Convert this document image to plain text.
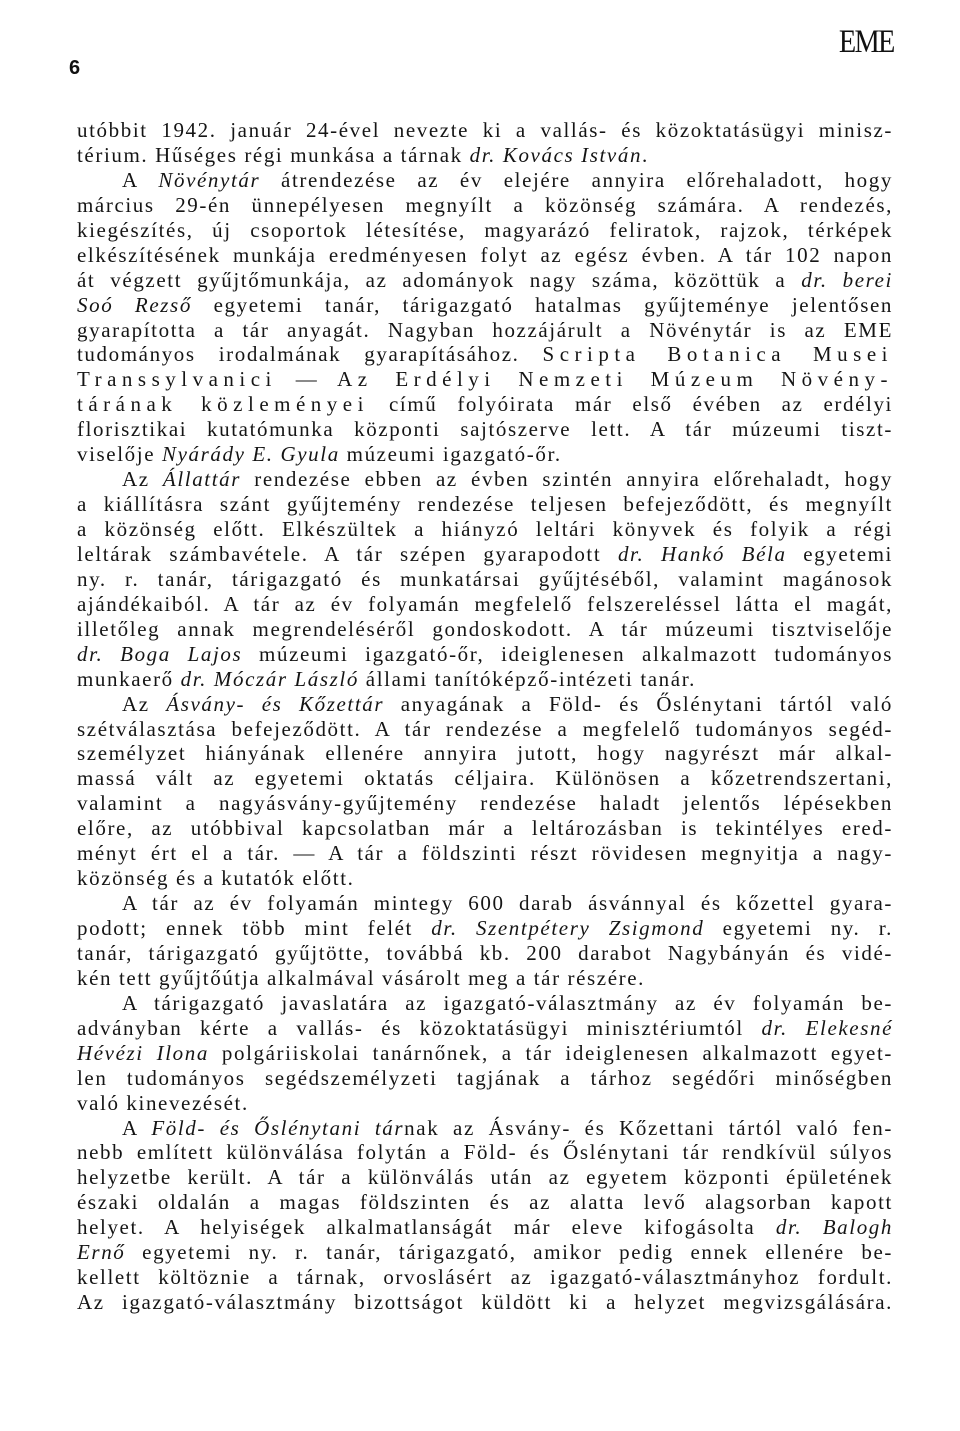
6
EME
utóbbit 1942. január 24-ével nevezte ki a vallás- és közoktatásügyi minisz-
térium. Hűséges régi munkása a tárnak dr. Kovács István.
A Növénytár átrendezése az év elejére annyira előrehaladott, hogy
március 29-én ünnepélyesen megnyílt a közönség számára. A rendezés,
kiegészítés, új csoportok létesítése, magyarázó feliratok, rajzok, térképek
elkészítésének munkája eredményesen folyt az egész évben. A tár 102 napon
át végzett gyűjtőmunkája, az adományok nagy száma, közöttük a dr. berei
Soó Rezső egyetemi tanár, tárigazgató hatalmas gyűjteménye jelentősen
gyarapította a tár anyagát. Nagyban hozzájárult a Növénytár is az EME
tudományos irodalmának gyarapításához. Scripta Botanica Musei
Transsylvanici — Az Erdélyi Nemzeti Múzeum Növény-
tárának közleményei című folyóirata már első évében az erdélyi
florisztikai kutatómunka központi sajtószerve lett. A tár múzeumi tiszt-
viselője Nyárády E. Gyula múzeumi igazgató-őr.
Az Állattár rendezése ebben az évben szintén annyira előrehaladt, hogy
a kiállításra szánt gyűjtemény rendezése teljesen befejeződött, és megnyílt
a közönség előtt. Elkészültek a hiányzó leltári könyvek és folyik a régi
leltárak számbavétele. A tár szépen gyarapodott dr. Hankó Béla egyetemi
ny. r. tanár, tárigazgató és munkatársai gyűjtéséből, valamint magánosok
ajándékaiból. A tár az év folyamán megfelelő felszereléssel látta el magát,
illetőleg annak megrendeléséről gondoskodott. A tár múzeumi tisztviselője
dr. Boga Lajos múzeumi igazgató-őr, ideiglenesen alkalmazott tudományos
munkaerő dr. Móczár László állami tanítóképző-intézeti tanár.
Az Ásvány- és Kőzettár anyagának a Föld- és Őslénytani tártól való
szétválasztása befejeződött. A tár rendezése a megfelelő tudományos segéd-
személyzet hiányának ellenére annyira jutott, hogy nagyrészt már alkal-
massá vált az egyetemi oktatás céljaira. Különösen a kőzetrendszertani,
valamint a nagyásvány-gyűjtemény rendezése haladt jelentős lépésekben
előre, az utóbbival kapcsolatban már a leltározásban is tekintélyes ered-
ményt ért el a tár. — A tár a földszinti részt rövidesen megnyitja a nagy-
közönség és a kutatók előtt.
A tár az év folyamán mintegy 600 darab ásvánnyal és kőzettel gyara-
podott; ennek több mint felét dr. Szentpétery Zsigmond egyetemi ny. r.
tanár, tárigazgató gyűjtötte, továbbá kb. 200 darabot Nagybányán és vidé-
kén tett gyűjtőútja alkalmával vásárolt meg a tár részére.
A tárigazgató javaslatára az igazgató-választmány az év folyamán be-
adványban kérte a vallás- és közoktatásügyi minisztériumtól dr. Elekesné
Hévézi Ilona polgáriiskolai tanárnőnek, a tár ideiglenesen alkalmazott egyet-
len tudományos segédszemélyzeti tagjának a tárhoz segédőri minőségben
való kinevezését.
A Föld- és Őslénytani tárnak az Ásvány- és Kőzettani tártól való fen-
nebb említett különválása folytán a Föld- és Őslénytani tár rendkívül súlyos
helyzetbe került. A tár a különválás után az egyetem központi épületének
északi oldalán a magas földszinten és az alatta levő alagsorban kapott
helyet. A helyiségek alkalmatlanságát már eleve kifogásolta dr. Balogh
Ernő egyetemi ny. r. tanár, tárigazgató, amikor pedig ennek ellenére be-
kellett költöznie a tárnak, orvoslásért az igazgató-választmányhoz fordult.
Az igazgató-választmány bizottságot küldött ki a helyzet megvizsgálására.
